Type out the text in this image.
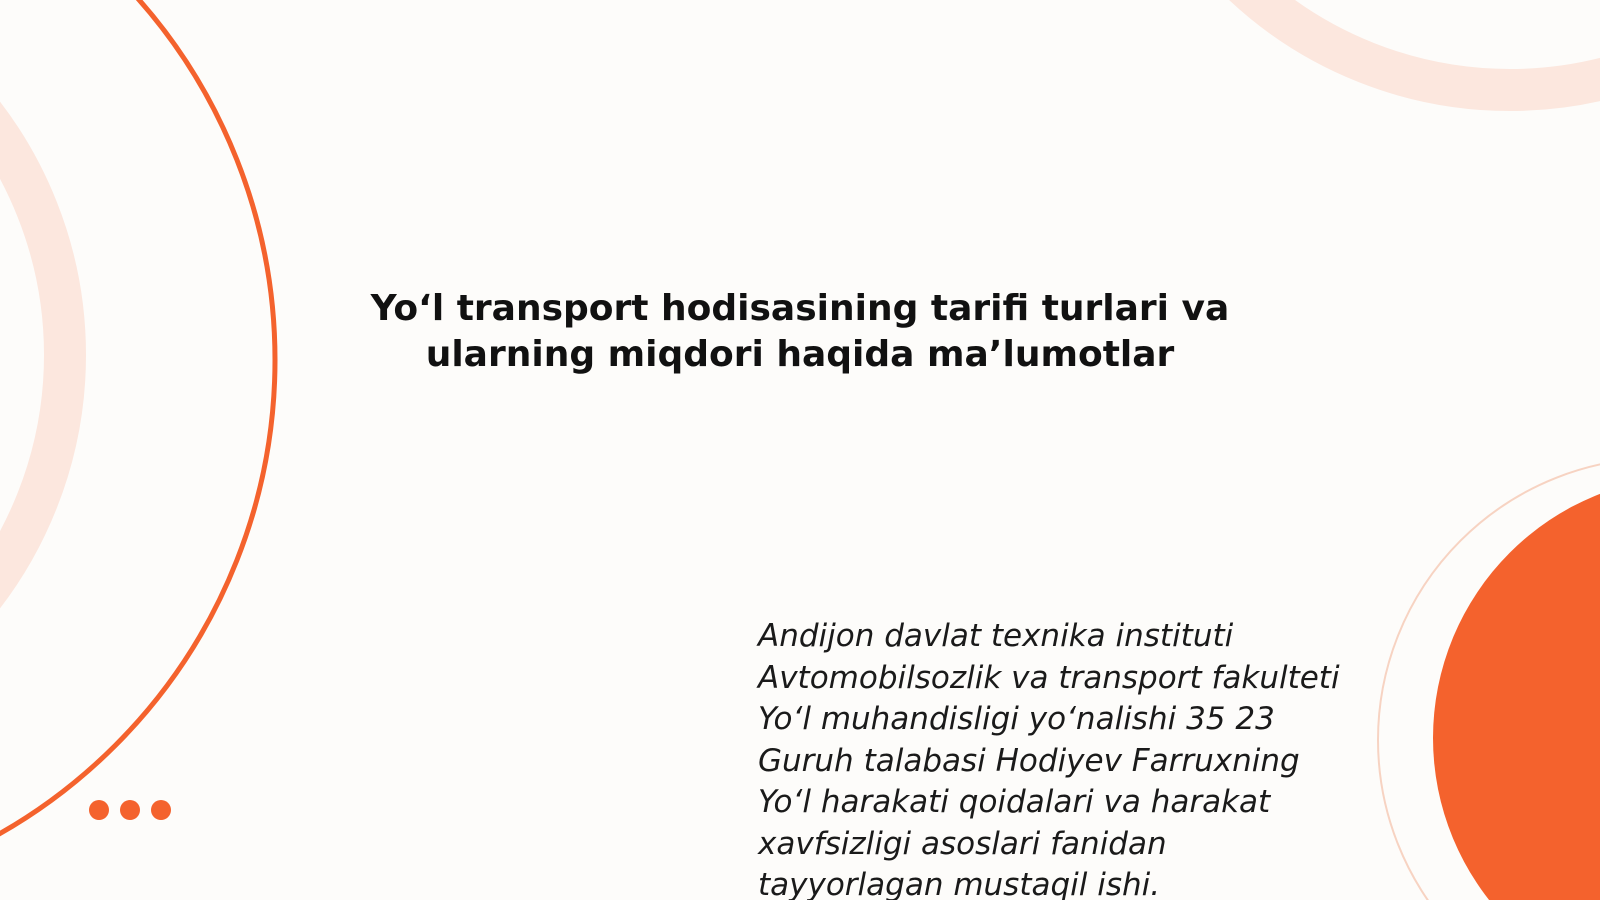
Yo‘l transport hodisasining tarifi turlari va
ularning miqdori haqida ma’lumotlar
Andijon davlat texnika instituti
Avtomobilsozlik va transport fakulteti
Yo‘l muhandisligi yo‘nalishi 35 23
Guruh talabasi Hodiyev Farruxning
Yo‘l harakati qoidalari va harakat
xavfsizligi asoslari fanidan
tayyorlagan mustaqil ishi.
